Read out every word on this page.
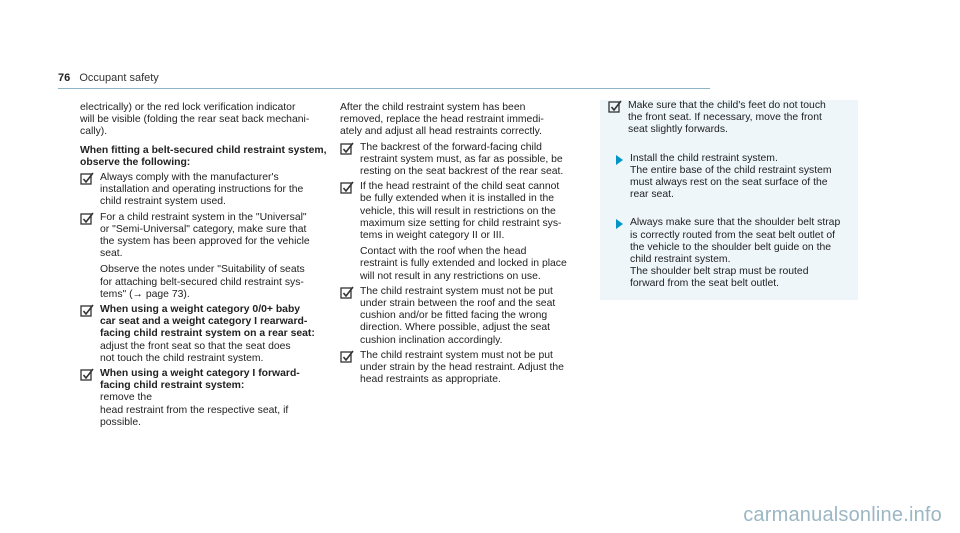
76 Occupant safety
electrically) or the red lock verification indicator
will be visible (folding the rear seat back mechani-
cally).
When fitting a belt-secured child restraint system,
observe the following:
Always comply with the manufacturer's
installation and operating instructions for the
child restraint system used.
For a child restraint system in the "Universal"
or "Semi-Universal" category, make sure that
the system has been approved for the vehicle
seat.
Observe the notes under "Suitability of seats
for attaching belt-secured child restraint sys-
tems" (→ page 73).
When using a weight category 0/0+ baby
car seat and a weight category I rearward-
facing child restraint system on a rear seat:
adjust the front seat so that the seat does
not touch the child restraint system.
When using a weight category I forward-
facing child restraint system:
remove the
head restraint from the respective seat, if
possible.
After the child restraint system has been
removed, replace the head restraint immedi-
ately and adjust all head restraints correctly.
The backrest of the forward-facing child
restraint system must, as far as possible, be
resting on the seat backrest of the rear seat.
If the head restraint of the child seat cannot
be fully extended when it is installed in the
vehicle, this will result in restrictions on the
maximum size setting for child restraint sys-
tems in weight category II or III.
Contact with the roof when the head
restraint is fully extended and locked in place
will not result in any restrictions on use.
The child restraint system must not be put
under strain between the roof and the seat
cushion and/or be fitted facing the wrong
direction. Where possible, adjust the seat
cushion inclination accordingly.
The child restraint system must not be put
under strain by the head restraint. Adjust the
head restraints as appropriate.
Make sure that the child's feet do not touch
the front seat. If necessary, move the front
seat slightly forwards.
Install the child restraint system.
The entire base of the child restraint system
must always rest on the seat surface of the
rear seat.
Always make sure that the shoulder belt strap
is correctly routed from the seat belt outlet of
the vehicle to the shoulder belt guide on the
child restraint system.
The shoulder belt strap must be routed
forward from the seat belt outlet.
carmanualsonline.info
